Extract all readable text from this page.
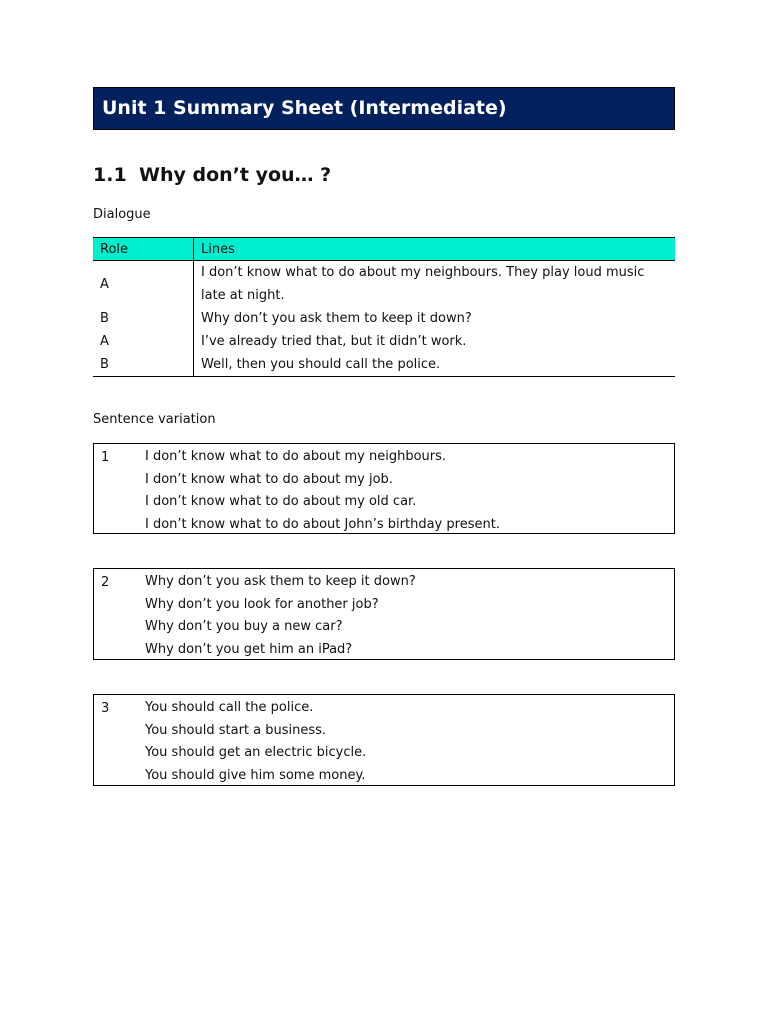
Unit 1 Summary Sheet (Intermediate)
1.1 Why don’t you… ?
Dialogue
Role	Lines
A	I don’t know what to do about my neighbours. They play loud music late at night.
B	Why don’t you ask them to keep it down?
A	I’ve already tried that, but it didn’t work.
B	Well, then you should call the police.
Sentence variation
1	I don’t know what to do about my neighbours.
I don’t know what to do about my job.
I don’t know what to do about my old car.
I don’t know what to do about John’s birthday present.
2	Why don’t you ask them to keep it down?
Why don’t you look for another job?
Why don’t you buy a new car?
Why don’t you get him an iPad?
3	You should call the police.
You should start a business.
You should get an electric bicycle.
You should give him some money.
